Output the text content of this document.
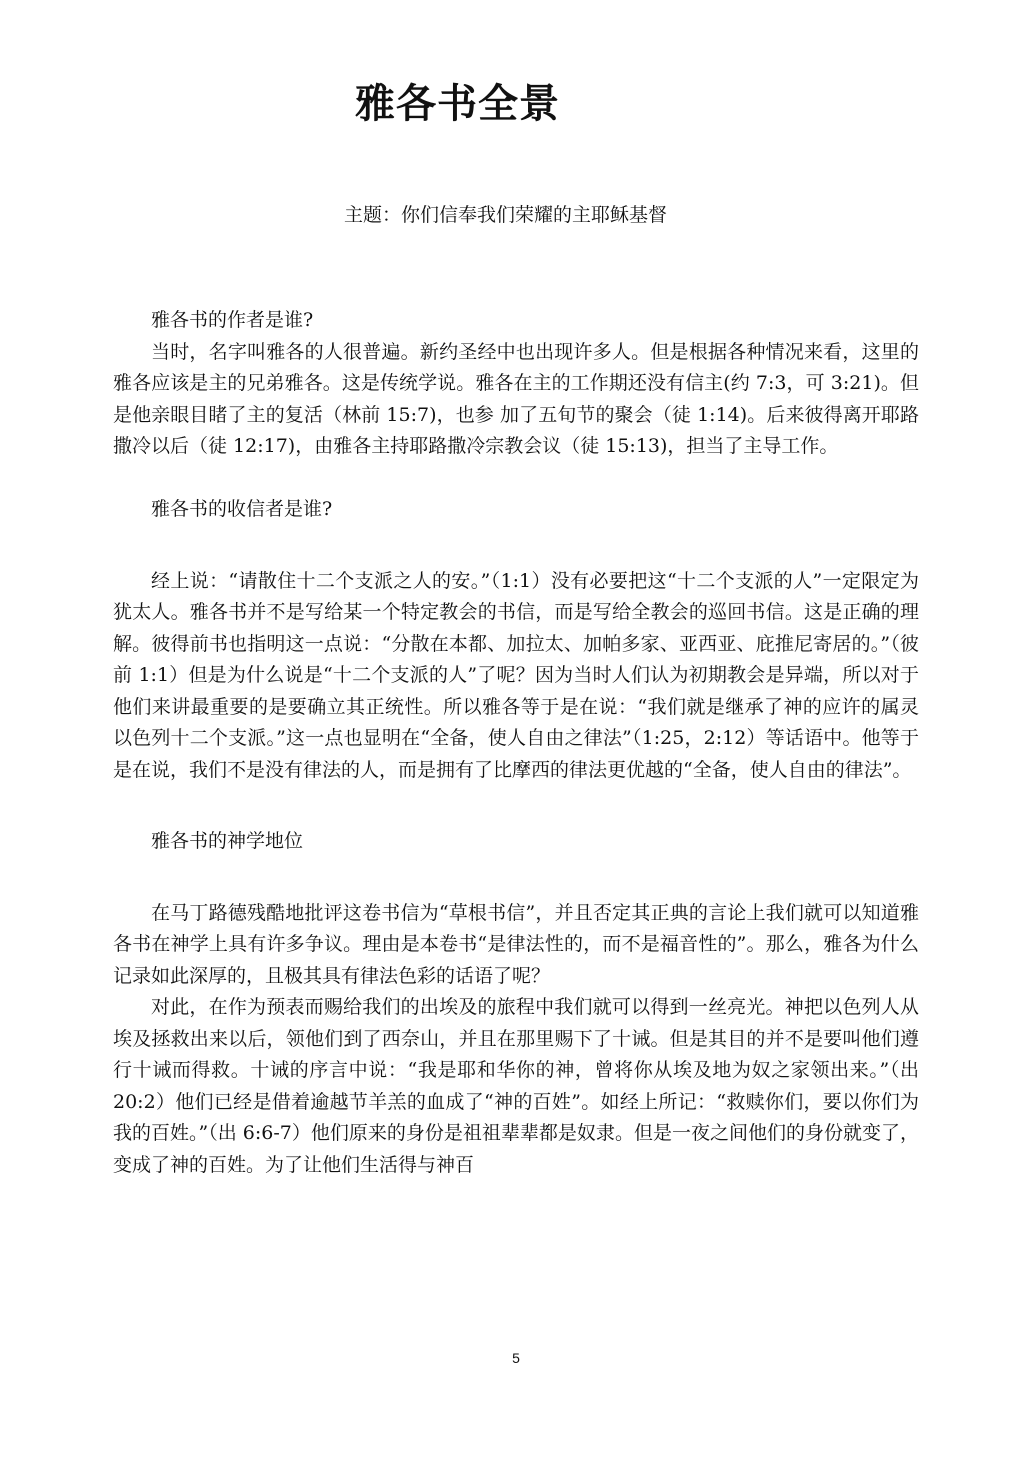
雅各书全景
主题：你们信奉我们荣耀的主耶稣基督

雅各书的作者是谁?

当时，名字叫雅各的人很普遍。新约圣经中也出现许多人。但是根据各种情况来看，这里的雅各应该是主的兄弟雅各。这是传统学说。雅各在主的工作期还没有信主(约 7:3，可 3:21)。但是他亲眼目睹了主的复活（林前 15:7)，也参 加了五旬节的聚会（徒 1:14)。后来彼得离开耶路撒冷以后（徒 12:17)，由雅各主持耶路撒冷宗教会议（徒 15:13)，担当了主导工作。

雅各书的收信者是谁?

经上说：“请散住十二个支派之人的安。”（1:1）没有必要把这“十二个支派的人”一定限定为犹太人。雅各书并不是写给某一个特定教会的书信，而是写给全教会的巡回书信。这是正确的理解。彼得前书也指明这一点说：“分散在本都、加拉太、加帕多家、亚西亚、庇推尼寄居的。”（彼前 1:1）但是为什么说是“十二个支派的人”了呢？因为当时人们认为初期教会是异端，所以对于他们来讲最重要的是要确立其正统性。所以雅各等于是在说：“我们就是继承了神的应许的属灵以色列十二个支派。”这一点也显明在“全备，使人自由之律法”（1:25，2:12）等话语中。他等于是在说，我们不是没有律法的人，而是拥有了比摩西的律法更优越的“全备，使人自由的律法”。

雅各书的神学地位

在马丁路德残酷地批评这卷书信为“草根书信”，并且否定其正典的言论上我们就可以知道雅各书在神学上具有许多争议。理由是本卷书“是律法性的，而不是福音性的”。那么，雅各为什么记录如此深厚的，且极其具有律法色彩的话语了呢？

对此，在作为预表而赐给我们的出埃及的旅程中我们就可以得到一丝亮光。神把以色列人从埃及拯救出来以后，领他们到了西奈山，并且在那里赐下了十诫。但是其目的并不是要叫他们遵行十诫而得救。十诫的序言中说：“我是耶和华你的神，曾将你从埃及地为奴之家领出来。”（出 20:2）他们已经是借着逾越节羊羔的血成了“神的百姓”。如经上所记：“救赎你们，要以你们为我的百姓。”（出 6:6-7）他们原来的身份是祖祖辈辈都是奴隶。但是一夜之间他们的身份就变了，变成了神的百姓。为了让他们生活得与神百

5
